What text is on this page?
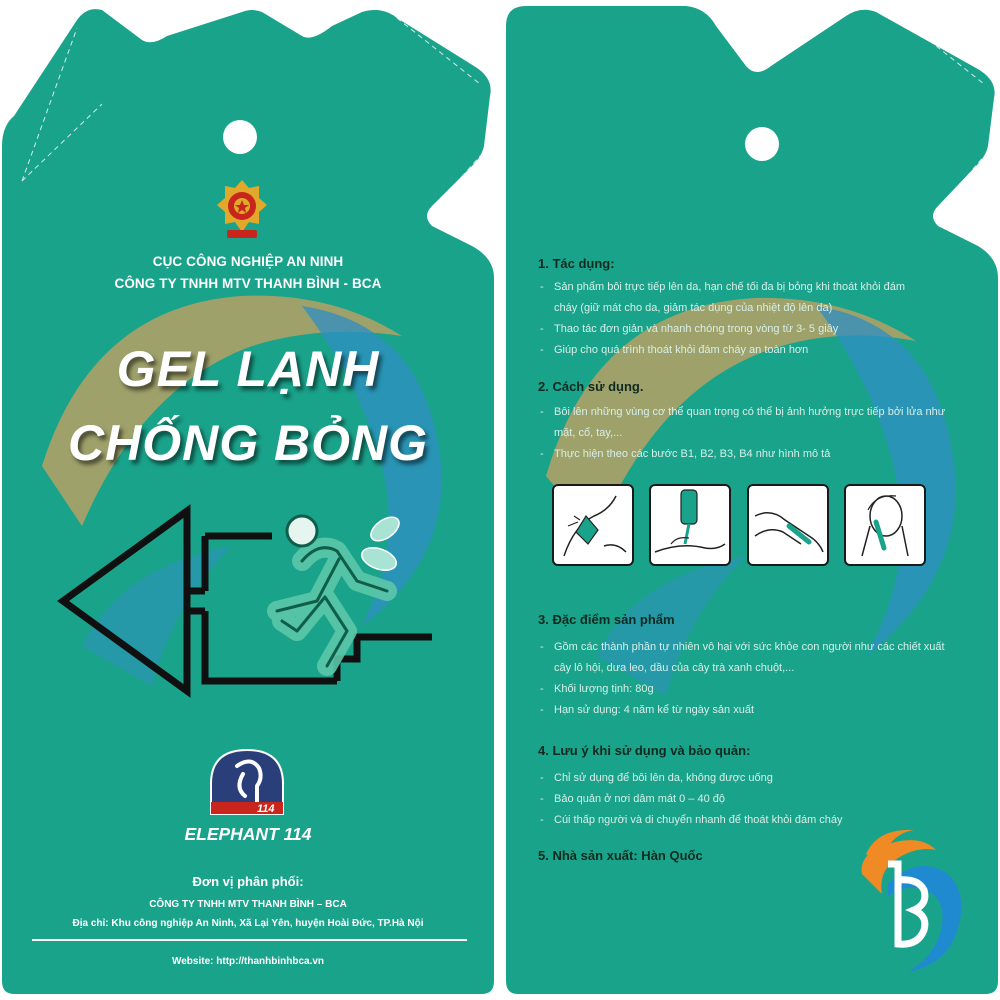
CỤC CÔNG NGHIỆP AN NINH
CÔNG TY TNHH MTV THANH BÌNH - BCA
GEL LẠNH
CHỐNG BỎNG
114
ELEPHANT 114
Đơn vị phân phối:
CÔNG TY TNHH MTV THANH BÌNH – BCA
Địa chỉ: Khu công nghiệp An Ninh, Xã Lại Yên, huyện Hoài Đức, TP.Hà Nội
Website: http://thanhbinhbca.vn
1. Tác dụng:
- Sản phẩm bôi trực tiếp lên da, hạn chế tối đa bị bỏng khi thoát khỏi đám
cháy (giữ mát cho da, giảm tác dụng của nhiệt độ lên da)
- Thao tác đơn giản và nhanh chóng trong vòng từ 3- 5 giây
- Giúp cho quá trình thoát khỏi đám cháy an toàn hơn
2. Cách sử dụng.
- Bôi lên những vùng cơ thể quan trọng có thể bị ảnh hưởng trực tiếp bởi lửa như
mặt, cổ, tay,...
- Thực hiện theo các bước B1, B2, B3, B4 như hình mô tả
3. Đặc điểm sản phẩm
- Gồm các thành phần tự nhiên vô hại với sức khỏe con người như các chiết xuất
cây lô hội, dưa leo, dầu của cây trà xanh chuột,...
- Khối lượng tịnh: 80g
- Hạn sử dụng: 4 năm kể từ ngày sản xuất
4. Lưu ý khi sử dụng và bảo quản:
- Chỉ sử dụng để bôi lên da, không được uống
- Bảo quản ở nơi dâm mát 0 – 40 độ
- Cúi thấp người và di chuyển nhanh để thoát khỏi đám cháy
5. Nhà sản xuất: Hàn Quốc
